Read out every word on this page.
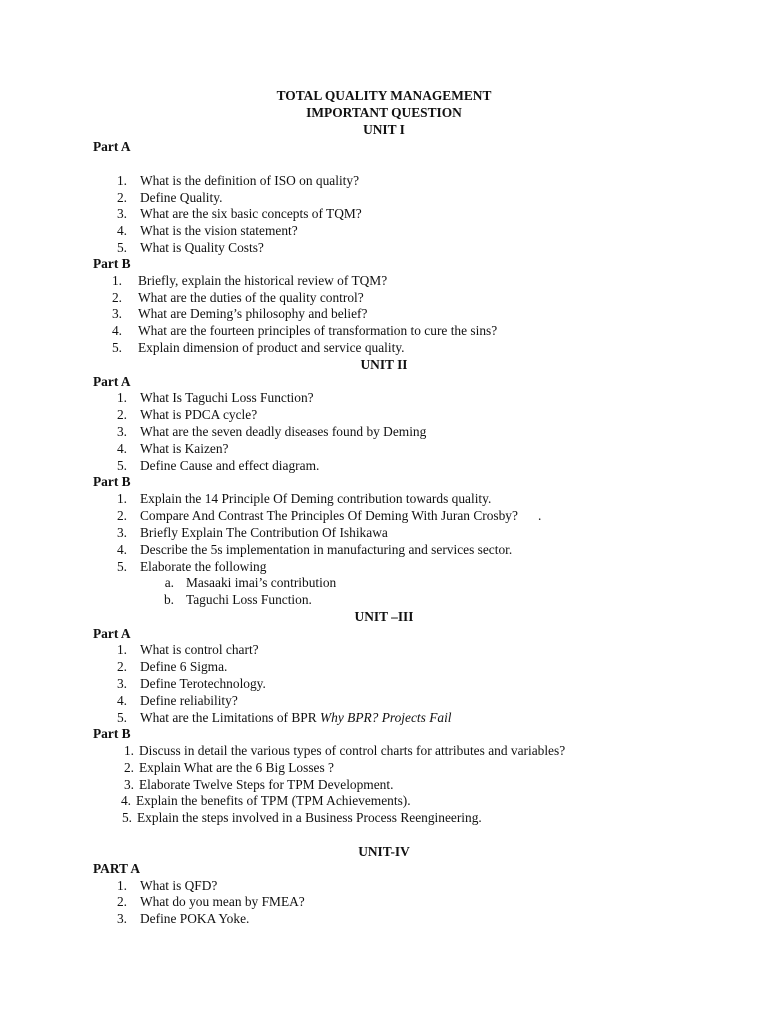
TOTAL QUALITY MANAGEMENT
IMPORTANT QUESTION
UNIT I
Part A
1. What is the definition of ISO on quality?
2. Define Quality.
3. What are the six basic concepts of TQM?
4. What is the vision statement?
5. What is Quality Costs?
Part B
1. Briefly, explain the historical review of TQM?
2. What are the duties of the quality control?
3. What are Deming’s philosophy and belief?
4. What are the fourteen principles of transformation to cure the sins?
5. Explain dimension of product and service quality.
UNIT II
Part A
1. What Is Taguchi Loss Function?
2. What is PDCA cycle?
3. What are the seven deadly diseases found by Deming
4. What is Kaizen?
5. Define Cause and effect diagram.
Part B
1. Explain the 14 Principle Of Deming contribution towards quality.
2. Compare And Contrast The Principles Of Deming With Juran Crosby?      .
3. Briefly Explain The Contribution Of Ishikawa
4. Describe the 5s implementation in manufacturing and services sector.
5. Elaborate the following
a. Masaaki imai’s contribution
b. Taguchi Loss Function.
UNIT –III
Part A
1. What is control chart?
2. Define 6 Sigma.
3. Define Terotechnology.
4. Define reliability?
5. What are the Limitations of BPR Why BPR? Projects Fail
Part B
1. Discuss in detail the various types of control charts for attributes and variables?
2. Explain What are the 6 Big Losses ?
3. Elaborate Twelve Steps for TPM Development.
4. Explain the benefits of TPM (TPM Achievements).
5. Explain the steps involved in a Business Process Reengineering.
UNIT-IV
PART A
1. What is QFD?
2. What do you mean by FMEA?
3. Define POKA Yoke.
